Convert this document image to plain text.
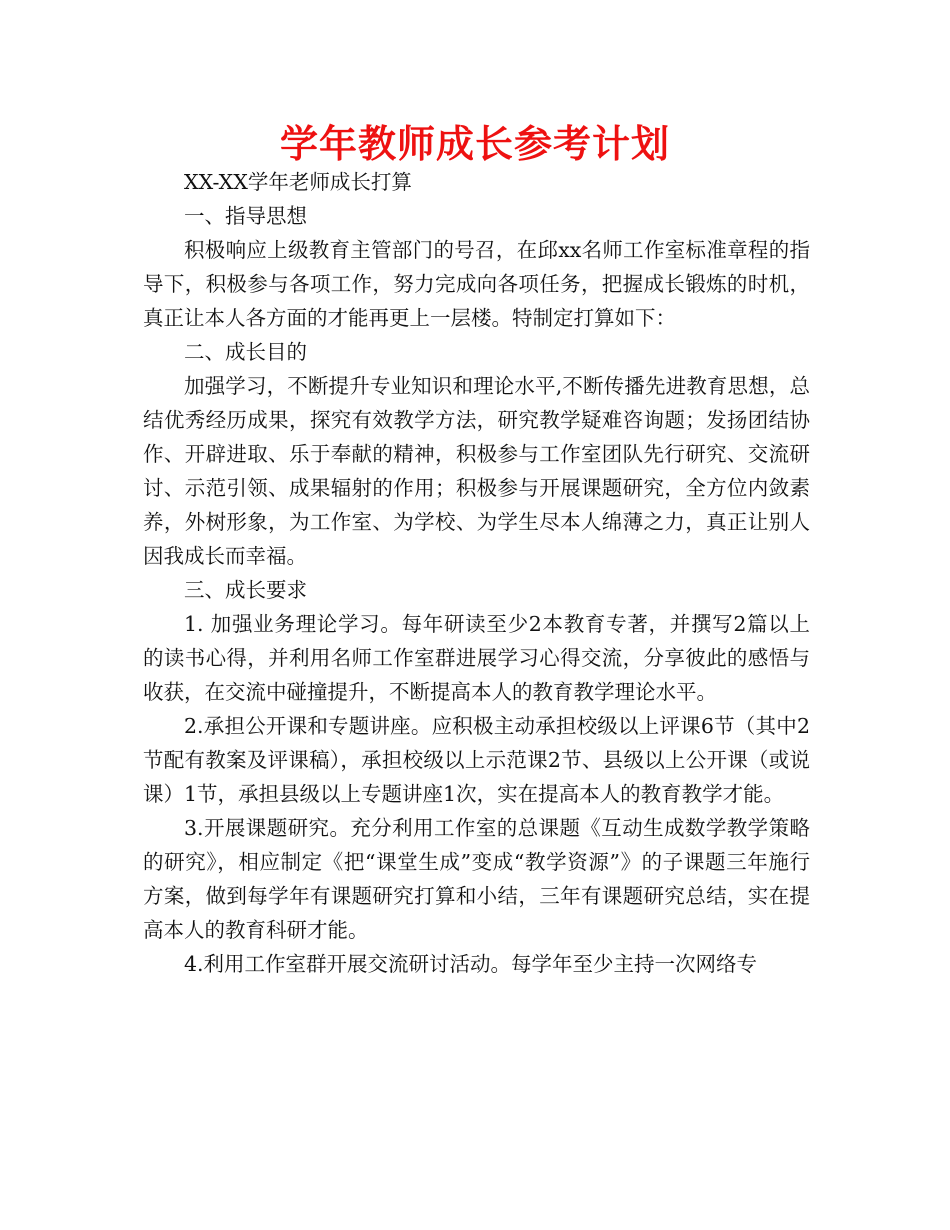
学年教师成长参考计划

XX-XX学年老师成长打算

一、指导思想

积极响应上级教育主管部门的号召，在邱xx名师工作室标准章程的指导下，积极参与各项工作，努力完成向各项任务，把握成长锻炼的时机，真正让本人各方面的才能再更上一层楼。特制定打算如下：

二、成长目的

加强学习，不断提升专业知识和理论水平,不断传播先进教育思想，总结优秀经历成果，探究有效教学方法，研究教学疑难咨询题；发扬团结协作、开辟进取、乐于奉献的精神，积极参与工作室团队先行研究、交流研讨、示范引领、成果辐射的作用；积极参与开展课题研究，全方位内敛素养，外树形象，为工作室、为学校、为学生尽本人绵薄之力，真正让别人因我成长而幸福。

三、成长要求

1. 加强业务理论学习。每年研读至少2本教育专著，并撰写2篇以上的读书心得，并利用名师工作室群进展学习心得交流，分享彼此的感悟与收获，在交流中碰撞提升，不断提高本人的教育教学理论水平。

2.承担公开课和专题讲座。应积极主动承担校级以上评课6节（其中2节配有教案及评课稿），承担校级以上示范课2节、县级以上公开课（或说课）1节，承担县级以上专题讲座1次，实在提高本人的教育教学才能。

3.开展课题研究。充分利用工作室的总课题《互动生成数学教学策略的研究》，相应制定《把“课堂生成”变成“教学资源”》的子课题三年施行方案，做到每学年有课题研究打算和小结，三年有课题研究总结，实在提高本人的教育科研才能。

4.利用工作室群开展交流研讨活动。每学年至少主持一次网络专
